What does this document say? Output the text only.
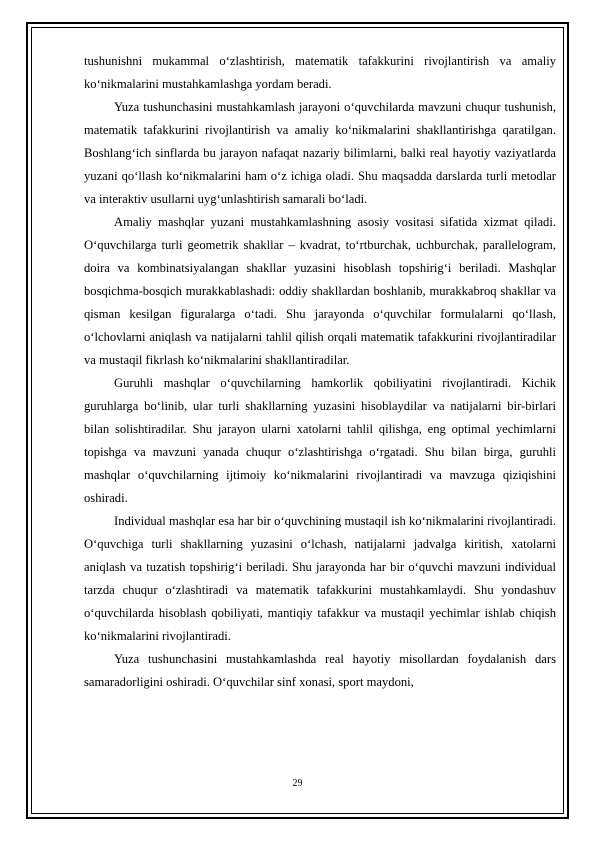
tushunishni mukammal o‘zlashtirish, matematik tafakkurini rivojlantirish va amaliy ko‘nikmalarini mustahkamlashga yordam beradi.

Yuza tushunchasini mustahkamlash jarayoni o‘quvchilarda mavzuni chuqur tushunish, matematik tafakkurini rivojlantirish va amaliy ko‘nikmalarini shakllantirishga qaratilgan. Boshlang‘ich sinflarda bu jarayon nafaqat nazariy bilimlarni, balki real hayotiy vaziyatlarda yuzani qo‘llash ko‘nikmalarini ham o‘z ichiga oladi. Shu maqsadda darslarda turli metodlar va interaktiv usullarni uyg‘unlashtirish samarali bo‘ladi.

Amaliy mashqlar yuzani mustahkamlashning asosiy vositasi sifatida xizmat qiladi. O‘quvchilarga turli geometrik shakllar – kvadrat, to‘rtburchak, uchburchak, parallelogram, doira va kombinatsiyalangan shakllar yuzasini hisoblash topshirig‘i beriladi. Mashqlar bosqichma-bosqich murakkablashadi: oddiy shakllardan boshlanib, murakkabroq shakllar va qisman kesilgan figuralarga o‘tadi. Shu jarayonda o‘quvchilar formulalarni qo‘llash, o‘lchovlarni aniqlash va natijalarni tahlil qilish orqali matematik tafakkurini rivojlantiradilar va mustaqil fikrlash ko‘nikmalarini shakllantiradilar.

Guruhli mashqlar o‘quvchilarning hamkorlik qobiliyatini rivojlantiradi. Kichik guruhlarga bo‘linib, ular turli shakllarning yuzasini hisoblaydilar va natijalarni bir-birlari bilan solishtiradilar. Shu jarayon ularni xatolarni tahlil qilishga, eng optimal yechimlarni topishga va mavzuni yanada chuqur o‘zlashtirishga o‘rgatadi. Shu bilan birga, guruhli mashqlar o‘quvchilarning ijtimoiy ko‘nikmalarini rivojlantiradi va mavzuga qiziqishini oshiradi.

Individual mashqlar esa har bir o‘quvchining mustaqil ish ko‘nikmalarini rivojlantiradi. O‘quvchiga turli shakllarning yuzasini o‘lchash, natijalarni jadvalga kiritish, xatolarni aniqlash va tuzatish topshirig‘i beriladi. Shu jarayonda har bir o‘quvchi mavzuni individual tarzda chuqur o‘zlashtiradi va matematik tafakkurini mustahkamlaydi. Shu yondashuv o‘quvchilarda hisoblash qobiliyati, mantiqiy tafakkur va mustaqil yechimlar ishlab chiqish ko‘nikmalarini rivojlantiradi.

Yuza tushunchasini mustahkamlashda real hayotiy misollardan foydalanish dars samaradorligini oshiradi. O‘quvchilar sinf xonasi, sport maydoni,

29
